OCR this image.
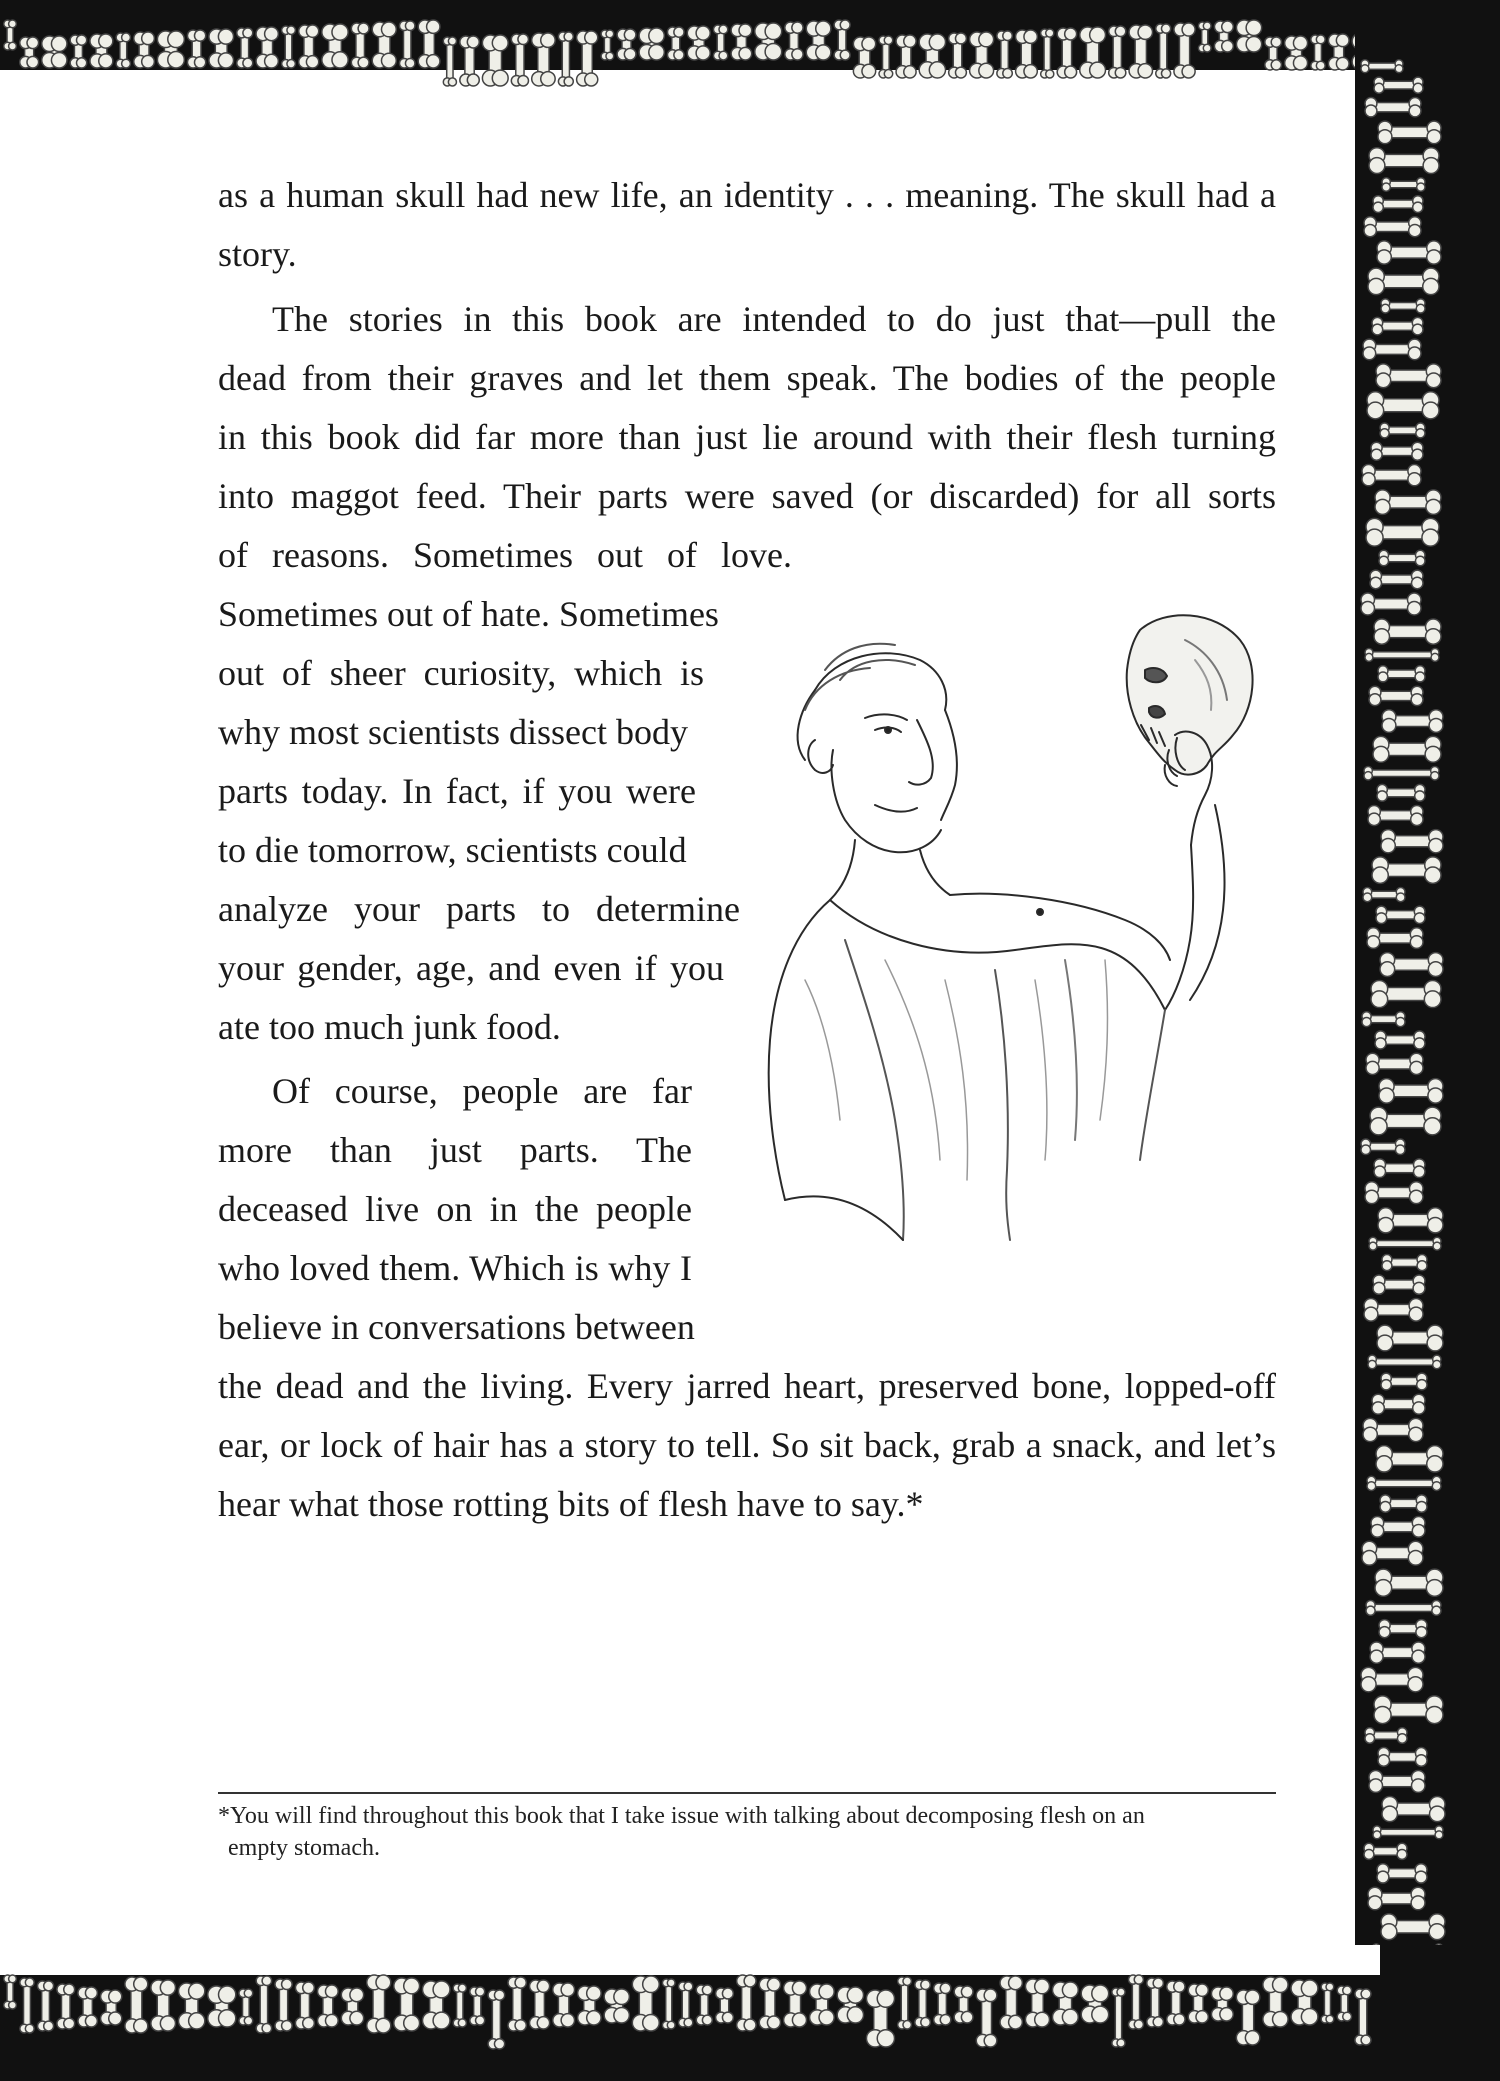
as a human skull had new life, an identity . . . meaning. The skull had a
story.
The stories in this book are intended to do just that—pull the
dead from their graves and let them speak. The bodies of the people
in this book did far more than just lie around with their flesh turning
into maggot feed. Their parts were saved (or discarded) for all sorts
of reasons. Sometimes out of love.
Sometimes out of hate. Sometimes
out of sheer curiosity, which is
why most scientists dissect body
parts today. In fact, if you were
to die tomorrow, scientists could
analyze your parts to determine
your gender, age, and even if you
ate too much junk food.
Of course, people are far
more than just parts. The
deceased live on in the people
who loved them. Which is why I
believe in conversations between
the dead and the living. Every jarred heart, preserved bone, lopped-off
ear, or lock of hair has a story to tell. So sit back, grab a snack, and let’s
hear what those rotting bits of flesh have to say.*
*You will find throughout this book that I take issue with talking about decomposing flesh on an
empty stomach.
